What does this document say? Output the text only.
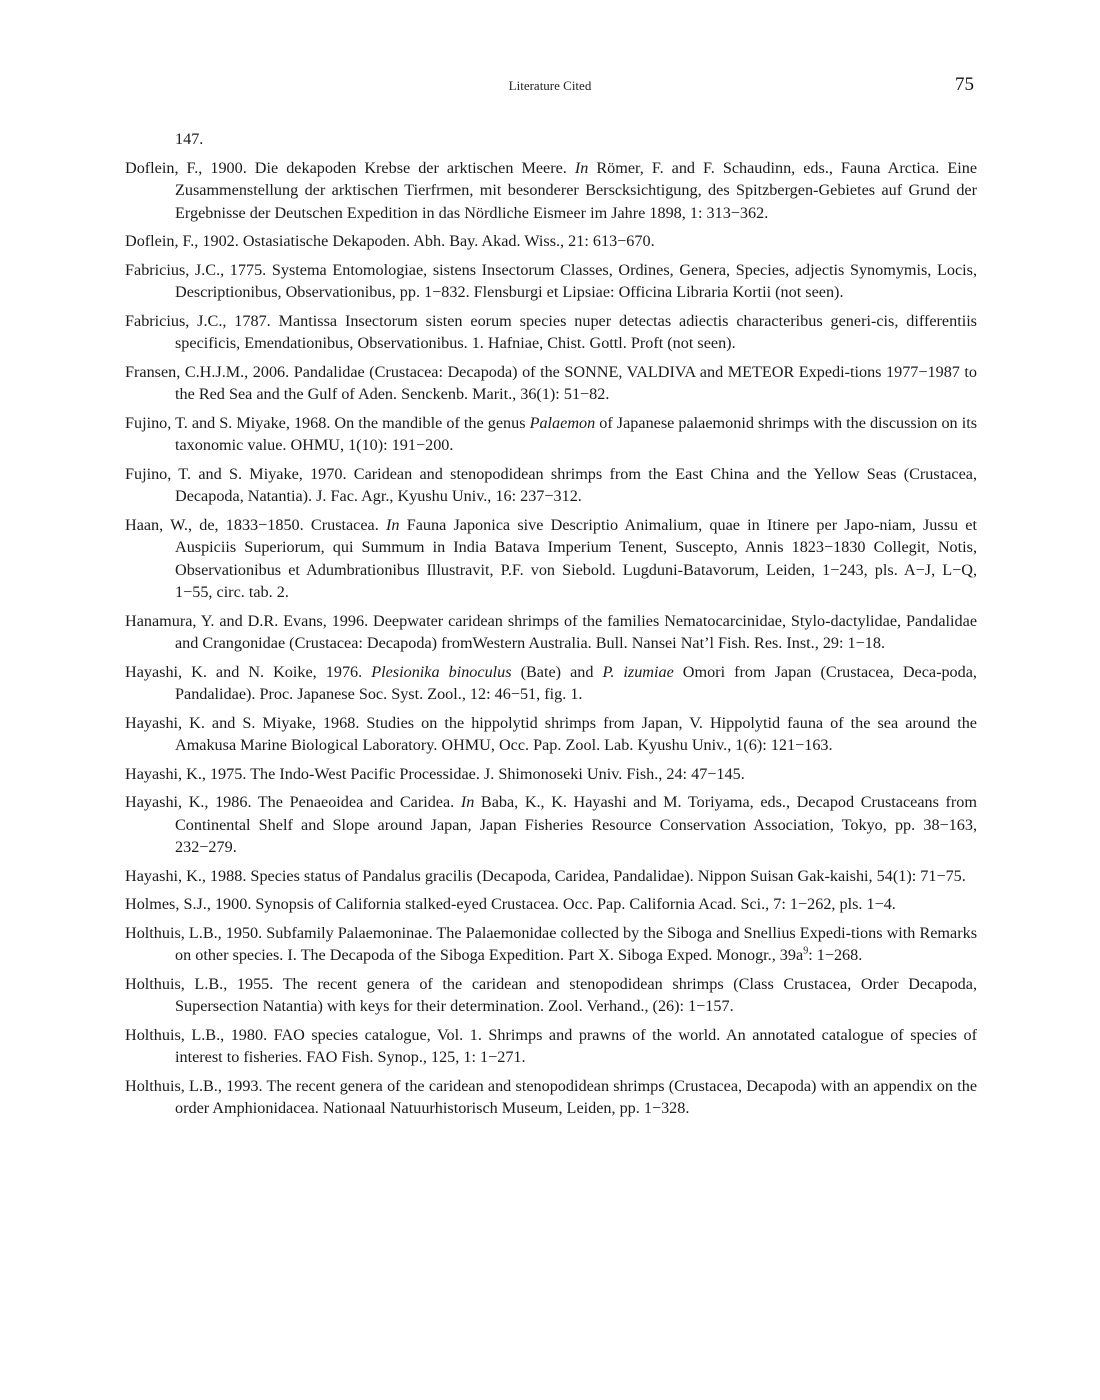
Literature Cited	75

147.

Doflein, F., 1900. Die dekapoden Krebse der arktischen Meere. In Römer, F. and F. Schaudinn, eds., Fauna Arctica. Eine Zusammenstellung der arktischen Tierfrmen, mit besonderer Berscksichtigung, des Spitzbergen-Gebietes auf Grund der Ergebnisse der Deutschen Expedition in das Nördliche Eismeer im Jahre 1898, 1: 313−362.

Doflein, F., 1902. Ostasiatische Dekapoden. Abh. Bay. Akad. Wiss., 21: 613−670.

Fabricius, J.C., 1775. Systema Entomologiae, sistens Insectorum Classes, Ordines, Genera, Species, adjectis Synomymis, Locis, Descriptionibus, Observationibus, pp. 1−832. Flensburgi et Lipsiae: Officina Libraria Kortii (not seen).

Fabricius, J.C., 1787. Mantissa Insectorum sisten eorum species nuper detectas adiectis characteribus generi-cis, differentiis specificis, Emendationibus, Observationibus. 1. Hafniae, Chist. Gottl. Proft (not seen).

Fransen, C.H.J.M., 2006. Pandalidae (Crustacea: Decapoda) of the SONNE, VALDIVA and METEOR Expedi-tions 1977−1987 to the Red Sea and the Gulf of Aden. Senckenb. Marit., 36(1): 51−82.

Fujino, T. and S. Miyake, 1968. On the mandible of the genus Palaemon of Japanese palaemonid shrimps with the discussion on its taxonomic value. OHMU, 1(10): 191−200.

Fujino, T. and S. Miyake, 1970. Caridean and stenopodidean shrimps from the East China and the Yellow Seas (Crustacea, Decapoda, Natantia). J. Fac. Agr., Kyushu Univ., 16: 237−312.

Haan, W., de, 1833−1850. Crustacea. In Fauna Japonica sive Descriptio Animalium, quae in Itinere per Japo-niam, Jussu et Auspiciis Superiorum, qui Summum in India Batava Imperium Tenent, Suscepto, Annis 1823−1830 Collegit, Notis, Observationibus et Adumbrationibus Illustravit, P.F. von Siebold. Lugduni-Batavorum, Leiden, 1−243, pls. A−J, L−Q, 1−55, circ. tab. 2.

Hanamura, Y. and D.R. Evans, 1996. Deepwater caridean shrimps of the families Nematocarcinidae, Stylo-dactylidae, Pandalidae and Crangonidae (Crustacea: Decapoda) fromWestern Australia. Bull. Nansei Nat’l Fish. Res. Inst., 29: 1−18.

Hayashi, K. and N. Koike, 1976. Plesionika binoculus (Bate) and P. izumiae Omori from Japan (Crustacea, Deca-poda, Pandalidae). Proc. Japanese Soc. Syst. Zool., 12: 46−51, fig. 1.

Hayashi, K. and S. Miyake, 1968. Studies on the hippolytid shrimps from Japan, V. Hippolytid fauna of the sea around the Amakusa Marine Biological Laboratory. OHMU, Occ. Pap. Zool. Lab. Kyushu Univ., 1(6): 121−163.

Hayashi, K., 1975. The Indo-West Pacific Processidae. J. Shimonoseki Univ. Fish., 24: 47−145.

Hayashi, K., 1986. The Penaeoidea and Caridea. In Baba, K., K. Hayashi and M. Toriyama, eds., Decapod Crustaceans from Continental Shelf and Slope around Japan, Japan Fisheries Resource Conservation Association, Tokyo, pp. 38−163, 232−279.

Hayashi, K., 1988. Species status of Pandalus gracilis (Decapoda, Caridea, Pandalidae). Nippon Suisan Gak-kaishi, 54(1): 71−75.

Holmes, S.J., 1900. Synopsis of California stalked-eyed Crustacea. Occ. Pap. California Acad. Sci., 7: 1−262, pls. 1−4.

Holthuis, L.B., 1950. Subfamily Palaemoninae. The Palaemonidae collected by the Siboga and Snellius Expedi-tions with Remarks on other species. I. The Decapoda of the Siboga Expedition. Part X. Siboga Exped. Monogr., $39a^9$: 1−268.

Holthuis, L.B., 1955. The recent genera of the caridean and stenopodidean shrimps (Class Crustacea, Order Decapoda, Supersection Natantia) with keys for their determination. Zool. Verhand., (26): 1−157.

Holthuis, L.B., 1980. FAO species catalogue, Vol. 1. Shrimps and prawns of the world. An annotated catalogue of species of interest to fisheries. FAO Fish. Synop., 125, 1: 1−271.

Holthuis, L.B., 1993. The recent genera of the caridean and stenopodidean shrimps (Crustacea, Decapoda) with an appendix on the order Amphionidacea. Nationaal Natuurhistorisch Museum, Leiden, pp. 1−328.
